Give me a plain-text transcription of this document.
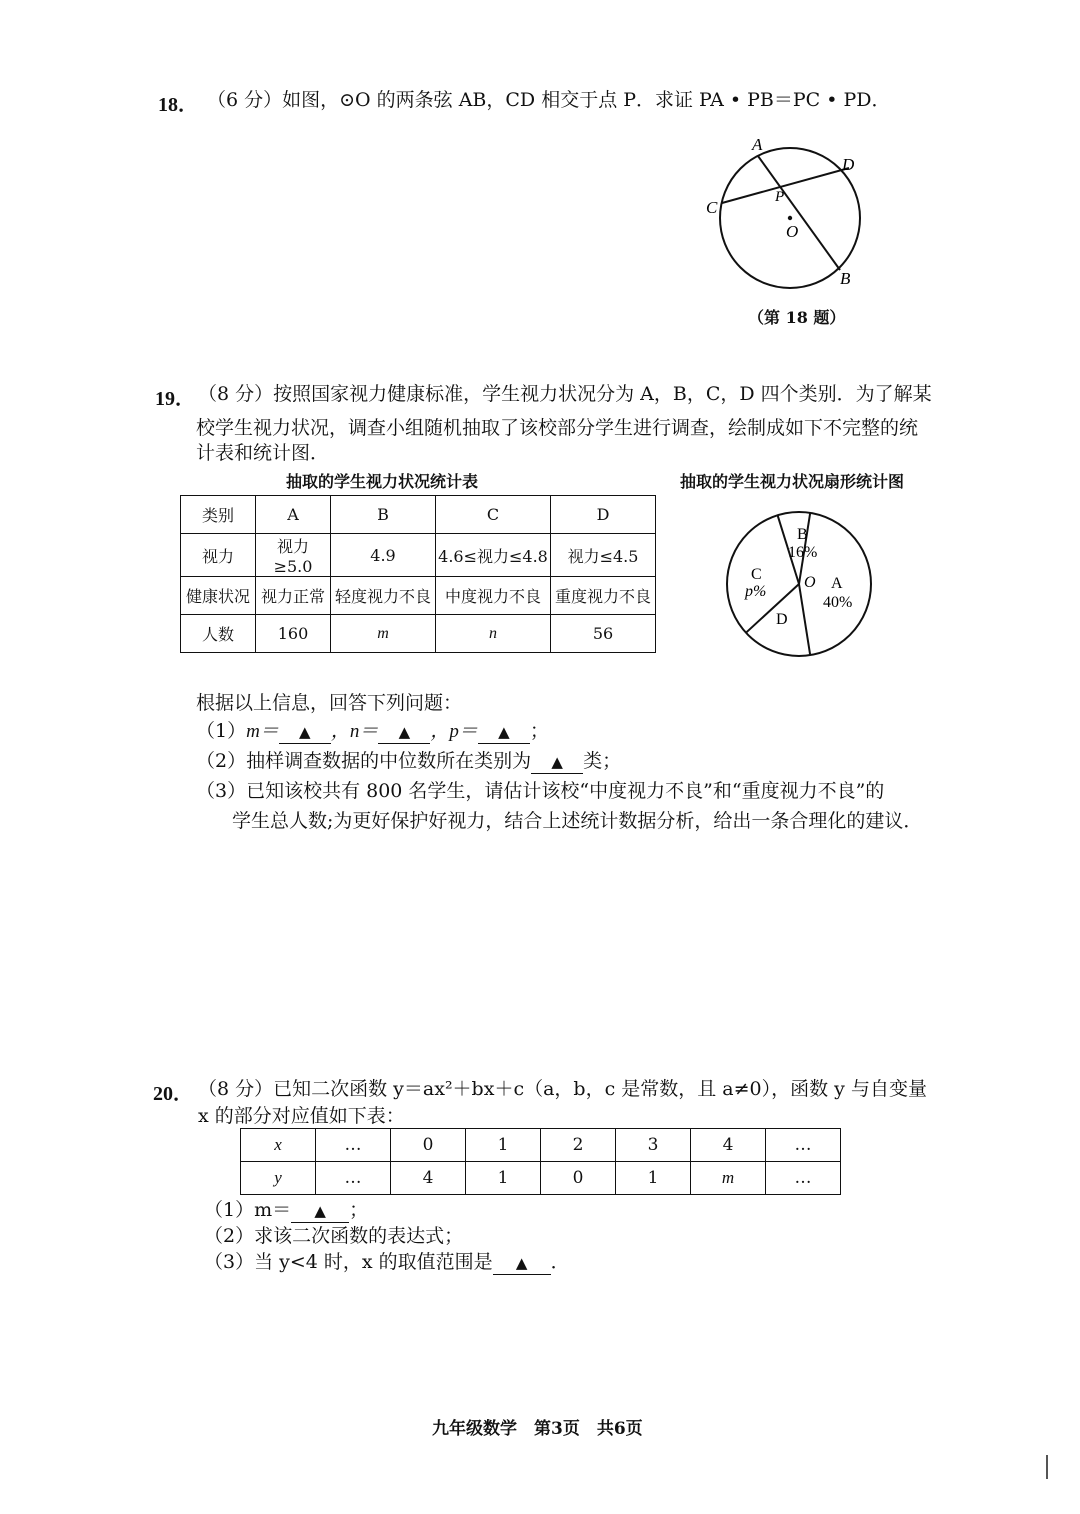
18． （6 分）如图，⊙O 的两条弦 AB，CD 相交于点 P．求证 PA • PB＝PC • PD．
A
D
C
P
O
B
（第 18 题）
19． （8 分）按照国家视力健康标准，学生视力状况分为 A，B，C，D 四个类别．为了解某
校学生视力状况，调查小组随机抽取了该校部分学生进行调查，绘制成如下不完整的统
计表和统计图．
抽取的学生视力状况统计表	抽取的学生视力状况扇形统计图
类别	A	B	C	D
视力	视力≥5.0	4.9	4.6≤视力≤4.8	视力≤4.5
健康状况	视力正常	轻度视力不良	中度视力不良	重度视力不良
人数	160	m	n	56
B
16%
C
p%
O A
40%
D
根据以上信息，回答下列问题：
（1）m＝ ▲ ，n＝ ▲ ，p＝ ▲ ；
（2）抽样调查数据的中位数所在类别为 ▲ 类；
（3）已知该校共有 800 名学生，请估计该校“中度视力不良”和“重度视力不良”的
学生总人数;为更好保护好视力，结合上述统计数据分析，给出一条合理化的建议．
20． （8 分）已知二次函数 y＝ax²＋bx＋c（a，b，c 是常数，且 a≠0），函数 y 与自变量
x 的部分对应值如下表：
x	…	0	1	2	3	4	…
y	…	4	1	0	1	m	…
（1）m＝ ▲ ；
（2）求该二次函数的表达式；
（3）当 y<4 时，x 的取值范围是 ▲ ．
九年级数学　第3页　共6页
